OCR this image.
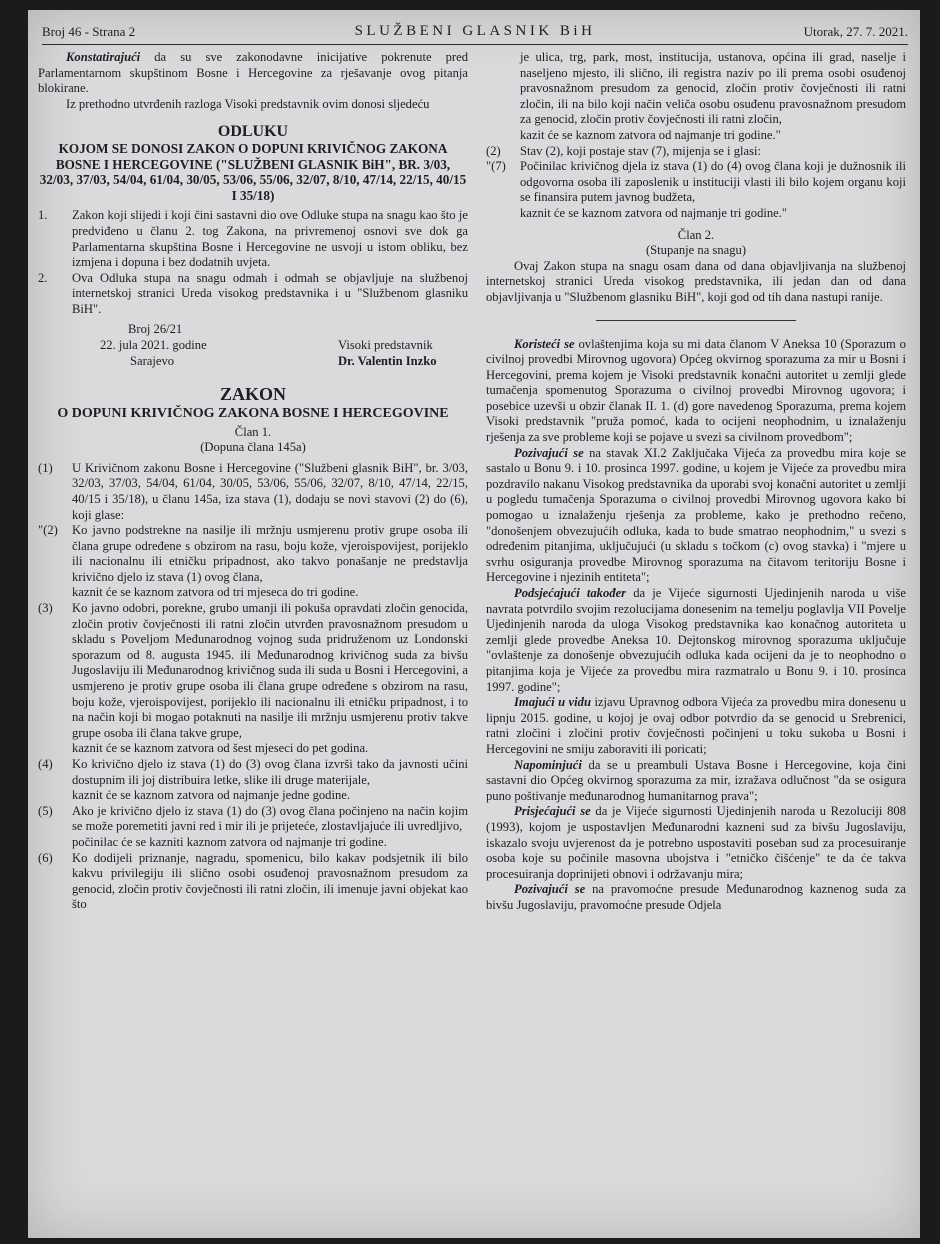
Broj 46 - Strana 2	SLUŽBENI GLASNIK BiH	Utorak, 27. 7. 2021.

Konstatirajući da su sve zakonodavne inicijative pokrenute pred Parlamentarnom skupštinom Bosne i Hercegovine za rješavanje ovog pitanja blokirane.

Iz prethodno utvrđenih razloga Visoki predstavnik ovim donosi sljedeću

ODLUKU
KOJOM SE DONOSI ZAKON O DOPUNI KRIVIČNOG ZAKONA BOSNE I HERCEGOVINE ("SLUŽBENI GLASNIK BiH", BR. 3/03, 32/03, 37/03, 54/04, 61/04, 30/05, 53/06, 55/06, 32/07, 8/10, 47/14, 22/15, 40/15 I 35/18)
1.	Zakon koji slijedi i koji čini sastavni dio ove Odluke stupa na snagu kao što je predviđeno u članu 2. tog Zakona, na privremenoj osnovi sve dok ga Parlamentarna skupština Bosne i Hercegovine ne usvoji u istom obliku, bez izmjena i dopuna i bez dodatnih uvjeta.
2.	Ova Odluka stupa na snagu odmah i odmah se objavljuje na službenoj internetskoj stranici Ureda visokog predstavnika i u "Službenom glasniku BiH".
Broj 26/21
22. jula 2021. godine
Sarajevo
Visoki predstavnik
Dr. Valentin Inzko
ZAKON
O DOPUNI KRIVIČNOG ZAKONA BOSNE I HERCEGOVINE
Član 1.
(Dopuna člana 145a)
(1)	U Krivičnom zakonu Bosne i Hercegovine ("Službeni glasnik BiH", br. 3/03, 32/03, 37/03, 54/04, 61/04, 30/05, 53/06, 55/06, 32/07, 8/10, 47/14, 22/15, 40/15 i 35/18), u članu 145a, iza stava (1), dodaju se novi stavovi (2) do (6), koji glase:
"(2)	Ko javno podstrekne na nasilje ili mržnju usmjerenu protiv grupe osoba ili člana grupe određene s obzirom na rasu, boju kože, vjeroispovijest, porijeklo ili nacionalnu ili etničku pripadnost, ako takvo ponašanje ne predstavlja krivično djelo iz stava (1) ovog člana,

kaznit će se kaznom zatvora od tri mjeseca do tri godine.

(3)	Ko javno odobri, porekne, grubo umanji ili pokuša opravdati zločin genocida, zločin protiv čovječnosti ili ratni zločin utvrđen pravosnažnom presudom u skladu s Poveljom Međunarodnog vojnog suda pridruženom uz Londonski sporazum od 8. augusta 1945. ili Međunarodnog krivičnog suda za bivšu Jugoslaviju ili Međunarodnog krivičnog suda ili suda u Bosni i Hercegovini, a usmjereno je protiv grupe osoba ili člana grupe određene s obzirom na rasu, boju kože, vjeroispovijest, porijeklo ili nacionalnu ili etničku pripadnost, i to na način koji bi mogao potaknuti na nasilje ili mržnju usmjerenu protiv takve grupe osoba ili člana takve grupe,

kaznit će se kaznom zatvora od šest mjeseci do pet godina.

(4)	Ko krivično djelo iz stava (1) do (3) ovog člana izvrši tako da javnosti učini dostupnim ili joj distribuira letke, slike ili druge materijale,

kaznit će se kaznom zatvora od najmanje jedne godine.

(5)	Ako je krivično djelo iz stava (1) do (3) ovog člana počinjeno na način kojim se može poremetiti javni red i mir ili je prijeteće, zlostavljajuće ili uvredljivo,

počinilac će se kazniti kaznom zatvora od najmanje tri godine.

(6)	Ko dodijeli priznanje, nagradu, spomenicu, bilo kakav podsjetnik ili bilo kakvu privilegiju ili slično osobi osuđenoj pravosnažnom presudom za genocid, zločin protiv čovječnosti ili ratni zločin, ili imenuje javni objekat kao što
je ulica, trg, park, most, institucija, ustanova, općina ili grad, naselje i naseljeno mjesto, ili slično, ili registra naziv po ili prema osobi osuđenoj pravosnažnom presudom za genocid, zločin protiv čovječnosti ili ratni zločin, ili na bilo koji način veliča osobu osuđenu pravosnažnom presudom za genocid, zločin protiv čovječnosti ili ratni zločin,

kazit će se kaznom zatvora od najmanje tri godine."

(2)	Stav (2), koji postaje stav (7), mijenja se i glasi:
"(7)	Počinilac krivičnog djela iz stava (1) do (4) ovog člana koji je dužnosnik ili odgovorna osoba ili zaposlenik u instituciji vlasti ili bilo kojem organu koji se finansira putem javnog budžeta,

kaznit će se kaznom zatvora od najmanje tri godine."

Član 2.
(Stupanje na snagu)

Ovaj Zakon stupa na snagu osam dana od dana objavljivanja na službenoj internetskoj stranici Ureda visokog predstavnika, ili jedan dan od dana objavljivanja u "Službenom glasniku BiH", koji god od tih dana nastupi ranije.

Koristeći se ovlaštenjima koja su mi data članom V Aneksa 10 (Sporazum o civilnoj provedbi Mirovnog ugovora) Općeg okvirnog sporazuma za mir u Bosni i Hercegovini, prema kojem je Visoki predstavnik konačni autoritet u zemlji glede tumačenja spomenutog Sporazuma o civilnoj provedbi Mirovnog ugovora; i posebice uzevši u obzir članak II. 1. (d) gore navedenog Sporazuma, prema kojem Visoki predstavnik "pruža pomoć, kada to ocijeni neophodnim, u iznalaženju rješenja za sve probleme koji se pojave u svezi sa civilnom provedbom";

Pozivajući se na stavak XI.2 Zaključaka Vijeća za provedbu mira koje se sastalo u Bonu 9. i 10. prosinca 1997. godine, u kojem je Vijeće za provedbu mira pozdravilo nakanu Visokog predstavnika da uporabi svoj konačni autoritet u zemlji u pogledu tumačenja Sporazuma o civilnoj provedbi Mirovnog ugovora kako bi pomogao u iznalaženju rješenja za probleme, kako je prethodno rečeno, "donošenjem obvezujućih odluka, kada to bude smatrao neophodnim," u svezi s određenim pitanjima, uključujući (u skladu s točkom (c) ovog stavka) i "mjere u svrhu osiguranja provedbe Mirovnog sporazuma na čitavom teritoriju Bosne i Hercegovine i njezinih entiteta";

Podsjećajući također da je Vijeće sigurnosti Ujedinjenih naroda u više navrata potvrdilo svojim rezolucijama donesenim na temelju poglavlja VII Povelje Ujedinjenih naroda da uloga Visokog predstavnika kao konačnog autoriteta u zemlji glede provedbe Aneksa 10. Dejtonskog mirovnog sporazuma uključuje "ovlaštenje za donošenje obvezujućih odluka kada ocijeni da je to neophodno o pitanjima koja je Vijeće za provedbu mira razmatralo u Bonu 9. i 10. prosinca 1997. godine";

Imajući u vidu izjavu Upravnog odbora Vijeća za provedbu mira donesenu u lipnju 2015. godine, u kojoj je ovaj odbor potvrdio da se genocid u Srebrenici, ratni zločini i zločini protiv čovječnosti počinjeni u toku sukoba u Bosni i Hercegovini ne smiju zaboraviti ili poricati;

Napominjući da se u preambuli Ustava Bosne i Hercegovine, koja čini sastavni dio Općeg okvirnog sporazuma za mir, izražava odlučnost "da se osigura puno poštivanje međunarodnog humanitarnog prava";

Prisjećajući se da je Vijeće sigurnosti Ujedinjenih naroda u Rezoluciji 808 (1993), kojom je uspostavljen Međunarodni kazneni sud za bivšu Jugoslaviju, iskazalo svoju uvjerenost da je potrebno uspostaviti poseban sud za procesuiranje osoba koje su počinile masovna ubojstva i "etničko čišćenje" te da će takva procesuiranja doprinijeti obnovi i održavanju mira;

Pozivajući se na pravomoćne presude Međunarodnog kaznenog suda za bivšu Jugoslaviju, pravomoćne presude Odjela
